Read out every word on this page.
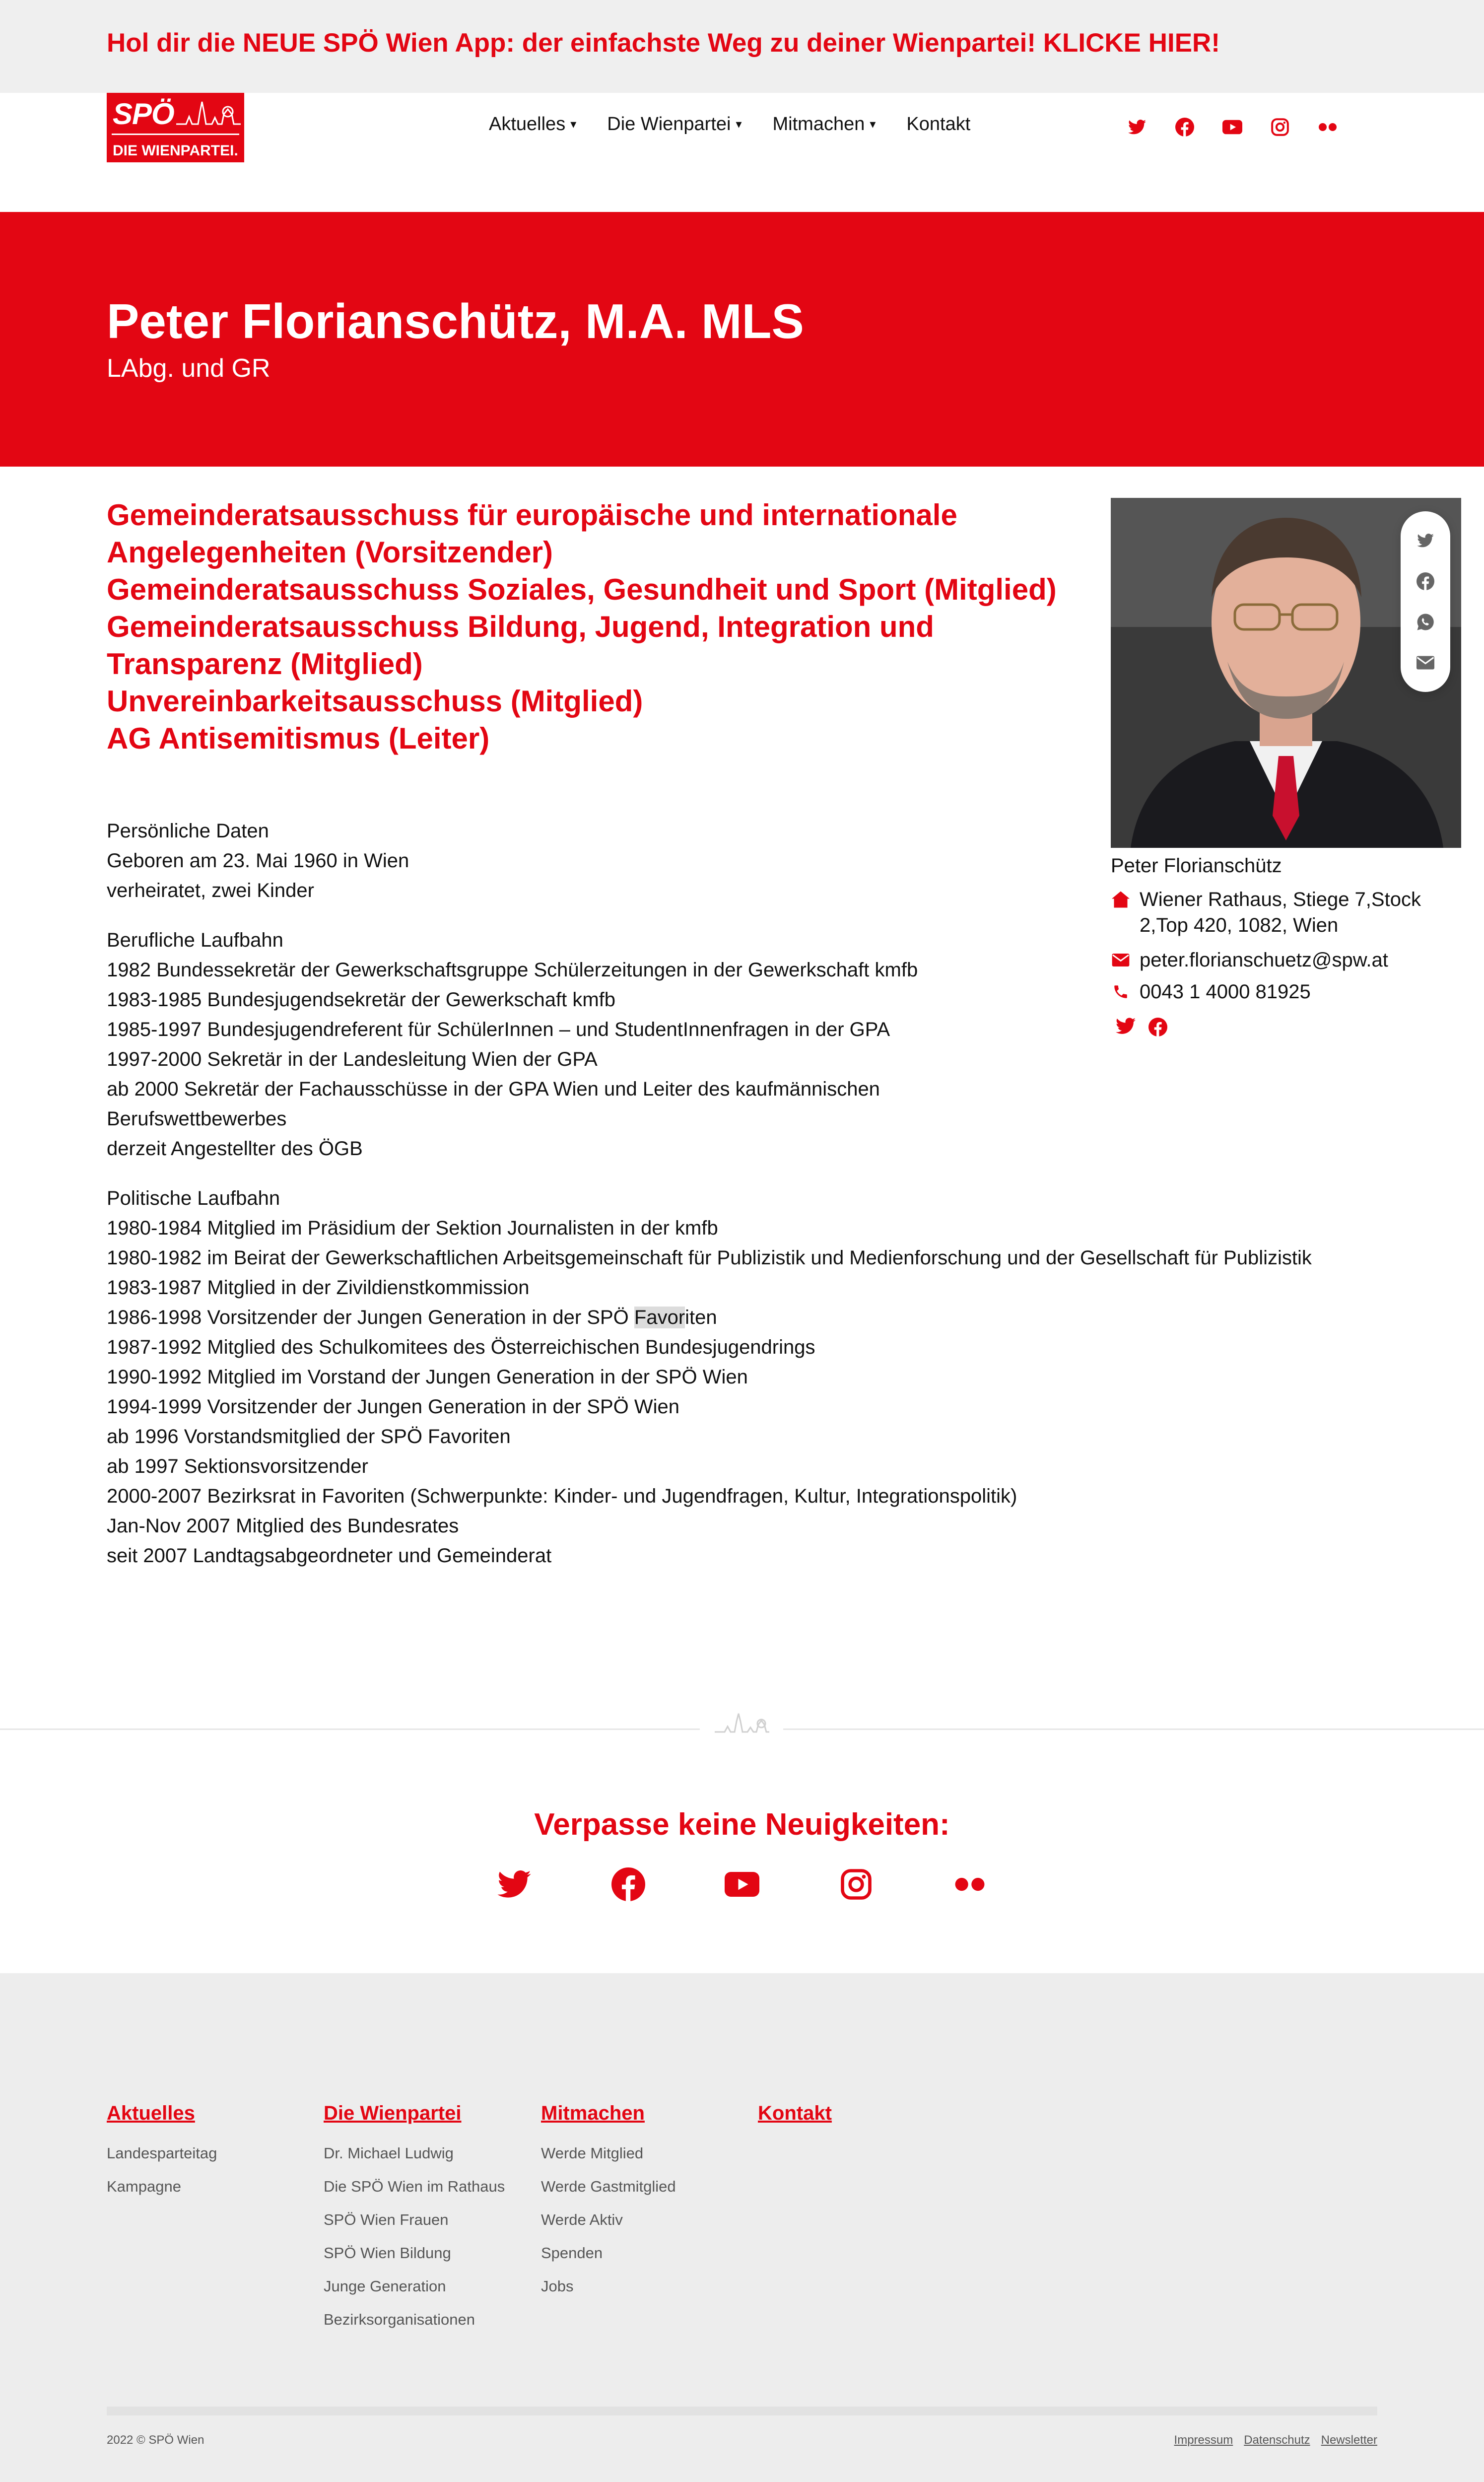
Hol dir die NEUE SPÖ Wien App: der einfachste Weg zu deiner Wienpartei! KLICKE HIER!
SPÖ
DIE WIENPARTEI.
Aktuelles ▾ Die Wienpartei ▾ Mitmachen ▾ Kontakt
Peter Florianschütz, M.A. MLS
LAbg. und GR
Gemeinderatsausschuss für europäische und internationale
Angelegenheiten (Vorsitzender)
Gemeinderatsausschuss Soziales, Gesundheit und Sport (Mitglied)
Gemeinderatsausschuss Bildung, Jugend, Integration und
Transparenz (Mitglied)
Unvereinbarkeitsausschuss (Mitglied)
AG Antisemitismus (Leiter)
Persönliche Daten
Geboren am 23. Mai 1960 in Wien
verheiratet, zwei Kinder
Berufliche Laufbahn
1982 Bundessekretär der Gewerkschaftsgruppe Schülerzeitungen in der Gewerkschaft kmfb
1983-1985 Bundesjugendsekretär der Gewerkschaft kmfb
1985-1997 Bundesjugendreferent für SchülerInnen – und StudentInnenfragen in der GPA
1997-2000 Sekretär in der Landesleitung Wien der GPA
ab 2000 Sekretär der Fachausschüsse in der GPA Wien und Leiter des kaufmännischen
Berufswettbewerbes
derzeit Angestellter des ÖGB
Politische Laufbahn
1980-1984 Mitglied im Präsidium der Sektion Journalisten in der kmfb
1980-1982 im Beirat der Gewerkschaftlichen Arbeitsgemeinschaft für Publizistik und Medienforschung und der Gesellschaft für Publizistik
1983-1987 Mitglied in der Zivildienstkommission
1986-1998 Vorsitzender der Jungen Generation in der SPÖ Favoriten
1987-1992 Mitglied des Schulkomitees des Österreichischen Bundesjugendrings
1990-1992 Mitglied im Vorstand der Jungen Generation in der SPÖ Wien
1994-1999 Vorsitzender der Jungen Generation in der SPÖ Wien
ab 1996 Vorstandsmitglied der SPÖ Favoriten
ab 1997 Sektionsvorsitzender
2000-2007 Bezirksrat in Favoriten (Schwerpunkte: Kinder- und Jugendfragen, Kultur, Integrationspolitik)
Jan-Nov 2007 Mitglied des Bundesrates
seit 2007 Landtagsabgeordneter und Gemeinderat
Peter Florianschütz
Wiener Rathaus, Stiege 7,Stock 2,Top 420, 1082, Wien
peter.florianschuetz@spw.at
0043 1 4000 81925
Verpasse keine Neuigkeiten:
Aktuelles
Landesparteitag
Kampagne
Die Wienpartei
Dr. Michael Ludwig
Die SPÖ Wien im Rathaus
SPÖ Wien Frauen
SPÖ Wien Bildung
Junge Generation
Bezirksorganisationen
Mitmachen
Werde Mitglied
Werde Gastmitglied
Werde Aktiv
Spenden
Jobs
Kontakt
2022 © SPÖ Wien	Impressum Datenschutz Newsletter
